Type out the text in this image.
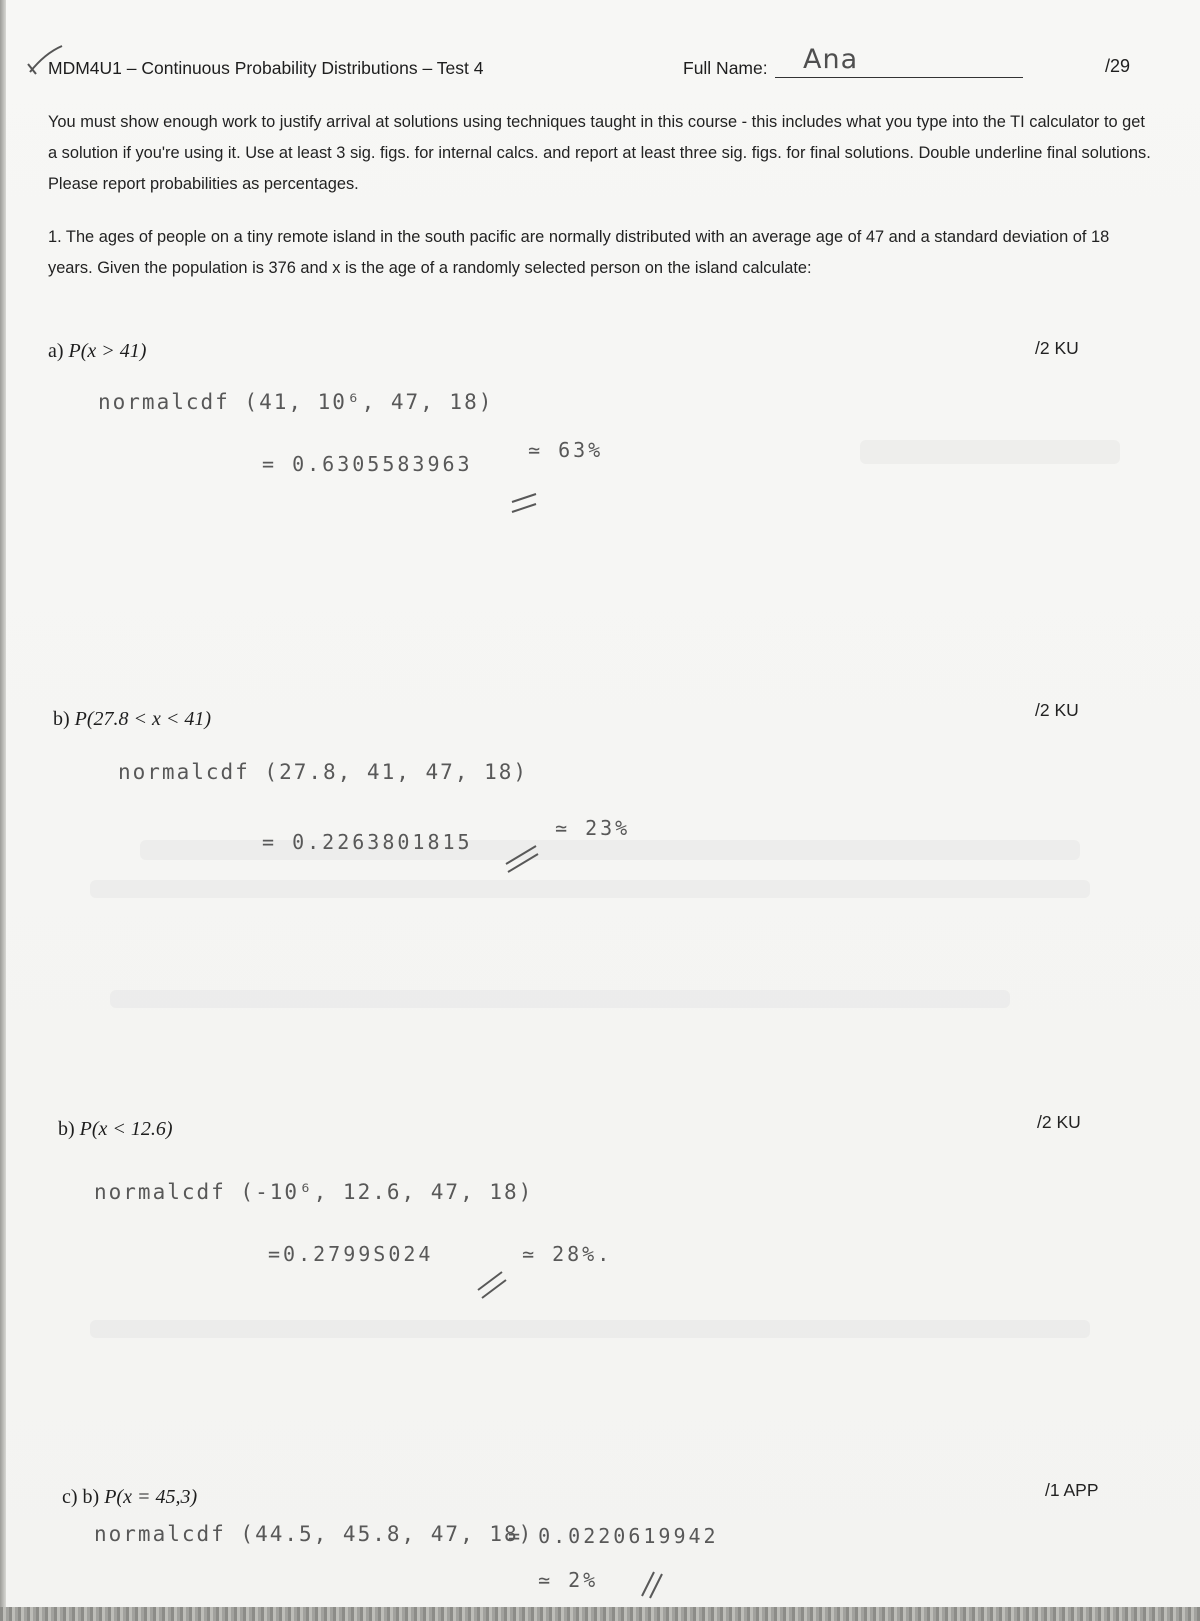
MDM4U1 – Continuous Probability Distributions – Test 4	Full Name: Ana	/29
You must show enough work to justify arrival at solutions using techniques taught in this course - this includes what you type into the TI calculator to get a solution if you're using it. Use at least 3 sig. figs. for internal calcs. and report at least three sig. figs. for final solutions. Double underline final solutions. Please report probabilities as percentages.
1. The ages of people on a tiny remote island in the south pacific are normally distributed with an average age of 47 and a standard deviation of 18 years. Given the population is 376 and x is the age of a randomly selected person on the island calculate:
a) P(x > 41)	/2 KU
normalcdf (41, 10⁶, 47, 18)
= 0.6305583963
≃ 63%
b) P(27.8 < x < 41)	/2 KU
normalcdf (27.8, 41, 47, 18)
= 0.2263801815
≃ 23%
b) P(x < 12.6)	/2 KU
normalcdf (-10⁶, 12.6, 47, 18)
=0.2799S024	≃ 28%.
c) b) P(x = 45,3)	/1 APP
normalcdf (44.5, 45.8, 47, 18)
= 0.0220619942
≃ 2%
